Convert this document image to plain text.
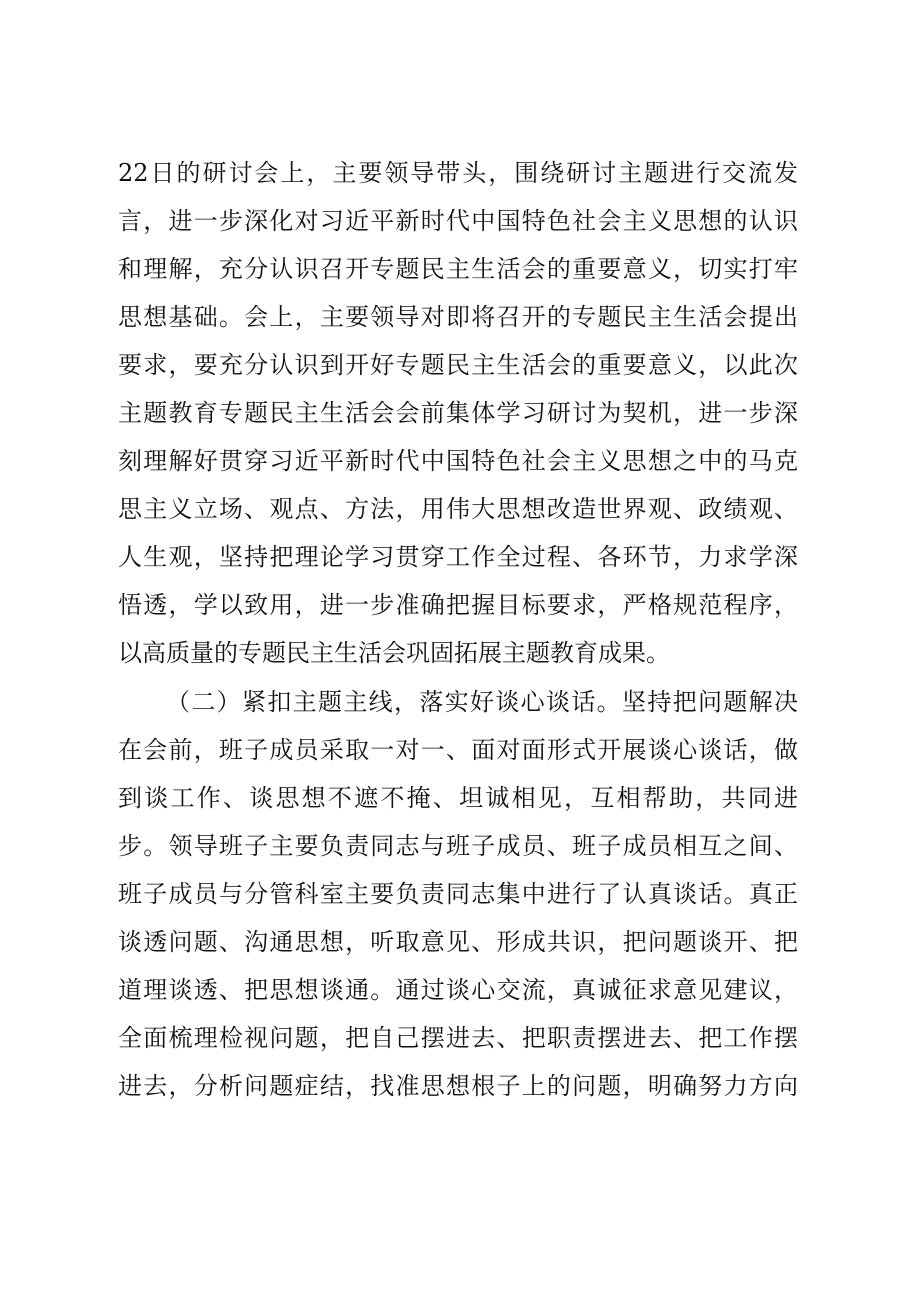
22日的研讨会上，主要领导带头，围绕研讨主题进行交流发
言，进一步深化对习近平新时代中国特色社会主义思想的认识
和理解，充分认识召开专题民主生活会的重要意义，切实打牢
思想基础。会上，主要领导对即将召开的专题民主生活会提出
要求，要充分认识到开好专题民主生活会的重要意义，以此次
主题教育专题民主生活会会前集体学习研讨为契机，进一步深
刻理解好贯穿习近平新时代中国特色社会主义思想之中的马克
思主义立场、观点、方法，用伟大思想改造世界观、政绩观、
人生观，坚持把理论学习贯穿工作全过程、各环节，力求学深
悟透，学以致用，进一步准确把握目标要求，严格规范程序，
以高质量的专题民主生活会巩固拓展主题教育成果。
（二）紧扣主题主线，落实好谈心谈话。坚持把问题解决
在会前，班子成员采取一对一、面对面形式开展谈心谈话，做
到谈工作、谈思想不遮不掩、坦诚相见，互相帮助，共同进
步。领导班子主要负责同志与班子成员、班子成员相互之间、
班子成员与分管科室主要负责同志集中进行了认真谈话。真正
谈透问题、沟通思想，听取意见、形成共识，把问题谈开、把
道理谈透、把思想谈通。通过谈心交流，真诚征求意见建议，
全面梳理检视问题，把自己摆进去、把职责摆进去、把工作摆
进去，分析问题症结，找准思想根子上的问题，明确努力方向
